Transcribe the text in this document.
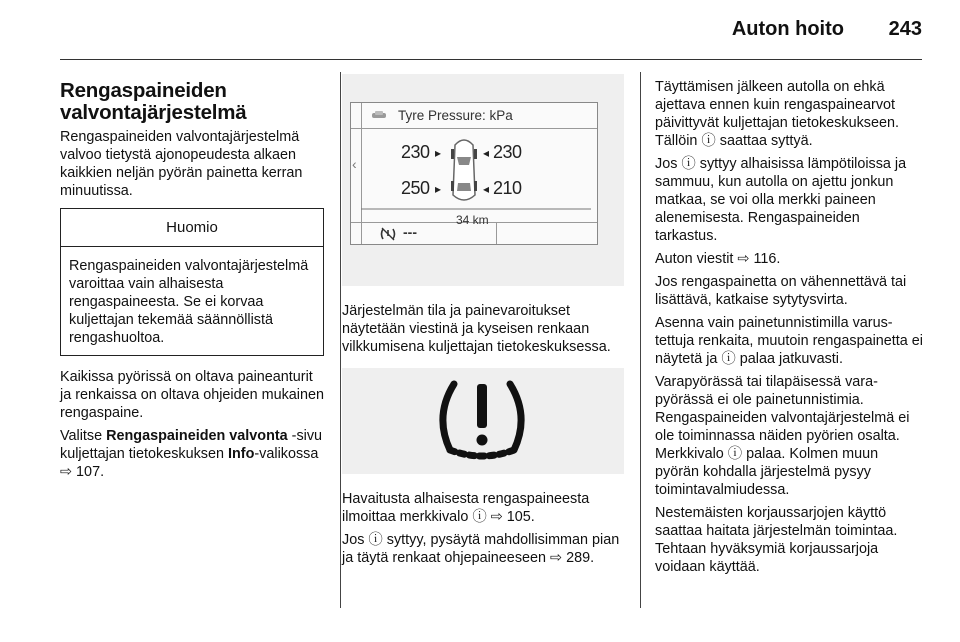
Auton hoito 243
Rengaspaineiden valvontajärjestelmä

Rengaspaineiden valvontajärjestelmä valvoo tietystä ajonopeudesta alkaen kaikkien neljän pyörän painetta kerran minuutissa.

Huomio
Rengaspaineiden valvontajärjestelmä varoittaa vain alhaisesta rengaspaineesta. Se ei korvaa kuljettajan tekemää säännöllistä rengashuoltoa.

Kaikissa pyörissä on oltava paineanturit ja renkaissa on oltava ohjeiden mukainen rengaspaine.

Valitse Rengaspaineiden valvonta ‑sivu kuljettajan tietokeskuksen Info‑valikossa ⇨ 107.

‹
Tyre Pressure: kPa
230 ▸	◂ 230
250 ▸	◂ 210
34 km
---

Järjestelmän tila ja painevaroitukset näytetään viestinä ja kyseisen renkaan vilkkumisena kuljettajan tietokeskuksessa.

Havaitusta alhaisesta rengaspaineesta ilmoittaa merkkivalo ⓘ ⇨ 105.

Jos ⓘ syttyy, pysäytä mahdollisimman pian ja täytä renkaat ohjepaineeseen ⇨ 289.

Täyttämisen jälkeen autolla on ehkä ajettava ennen kuin rengaspainearvot päivittyvät kuljettajan tietokeskukseen. Tällöin ⓘ saattaa syttyä.

Jos ⓘ syttyy alhaisissa lämpötiloissa ja sammuu, kun autolla on ajettu jonkun matkaa, se voi olla merkki paineen alenemisesta. Rengaspaineiden tarkastus.

Auton viestit ⇨ 116.

Jos rengaspainetta on vähennettävä tai lisättävä, katkaise sytytysvirta.

Asenna vain painetunnistimilla varustettuja renkaita, muutoin rengaspainetta ei näytetä ja ⓘ palaa jatkuvasti.

Varapyörässä tai tilapäisessä varapyörässä ei ole painetunnistimia. Rengaspaineiden valvontajärjestelmä ei ole toiminnassa näiden pyörien osalta. Merkkivalo ⓘ palaa. Kolmen muun pyörän kohdalla järjestelmä pysyy toimintavalmiudessa.

Nestemäisten korjaussarjojen käyttö saattaa haitata järjestelmän toimintaa. Tehtaan hyväksymiä korjaussarjoja voidaan käyttää.
